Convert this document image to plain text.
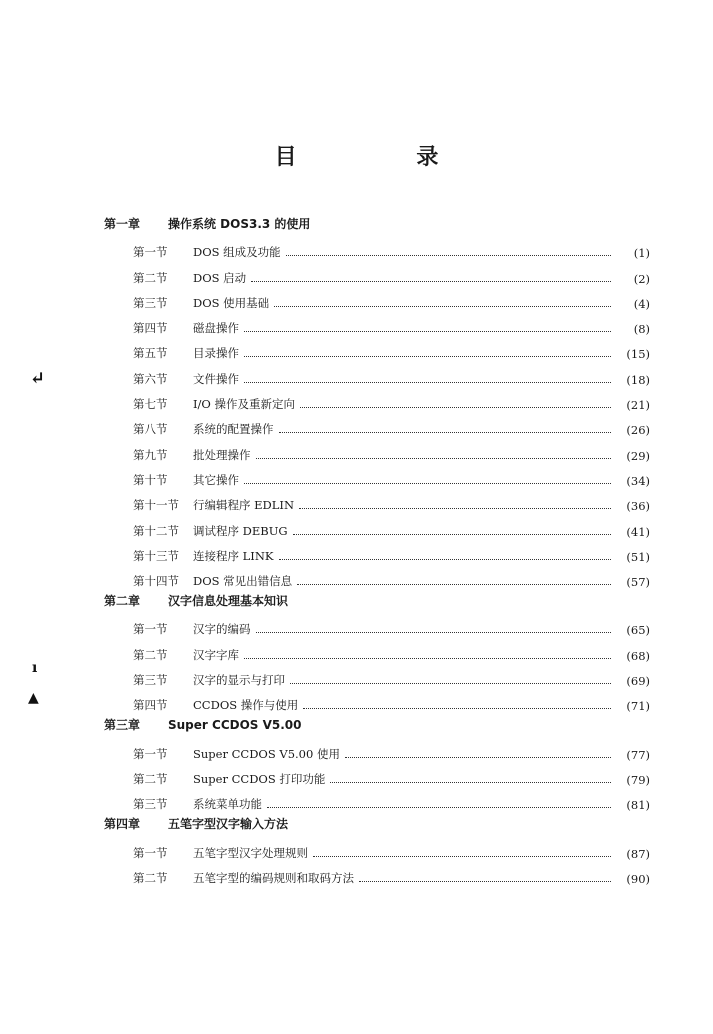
目 录
第一章	操作系统 DOS3.3 的使用
第一节	DOS 组成及功能	(1)
第二节	DOS 启动	(2)
第三节	DOS 使用基础	(4)
第四节	磁盘操作	(8)
第五节	目录操作	(15)
第六节	文件操作	(18)
第七节	I/O 操作及重新定向	(21)
第八节	系统的配置操作	(26)
第九节	批处理操作	(29)
第十节	其它操作	(34)
第十一节	行编辑程序 EDLIN	(36)
第十二节	调试程序 DEBUG	(41)
第十三节	连接程序 LINK	(51)
第十四节	DOS 常见出错信息	(57)
第二章	汉字信息处理基本知识
第一节	汉字的编码	(65)
第二节	汉字字库	(68)
第三节	汉字的显示与打印	(69)
第四节	CCDOS 操作与使用	(71)
第三章	Super CCDOS V5.00
第一节	Super CCDOS V5.00 使用	(77)
第二节	Super CCDOS 打印功能	(79)
第三节	系统菜单功能	(81)
第四章	五笔字型汉字输入方法
第一节	五笔字型汉字处理规则	(87)
第二节	五笔字型的编码规则和取码方法	(90)
↵
ı
▲
